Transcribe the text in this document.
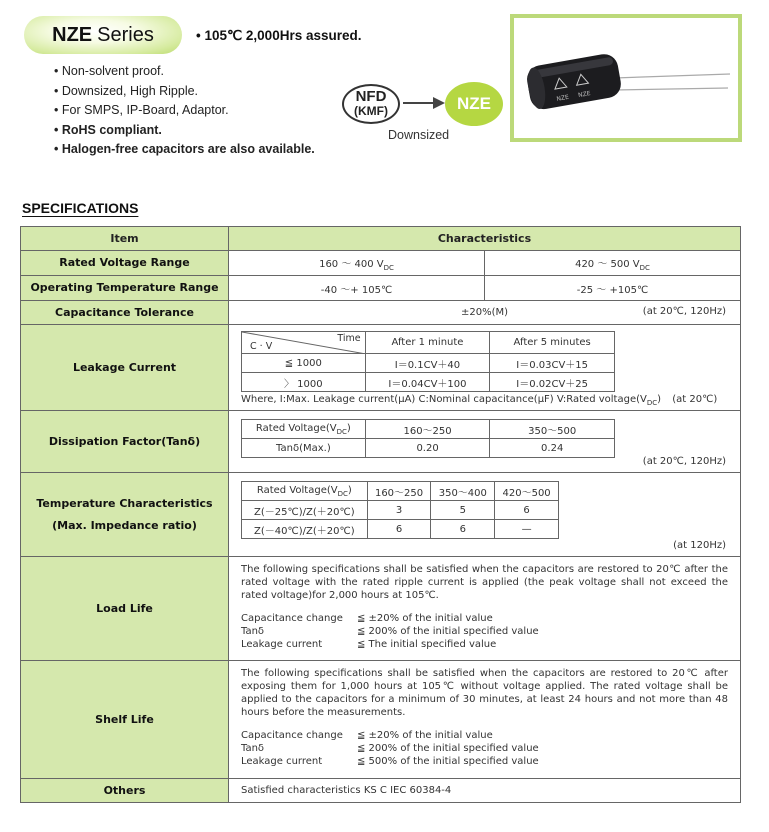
NZE Series	• 105℃ 2,000Hrs assured.
• Non-solvent proof.
• Downsized, High Ripple.
• For SMPS, IP-Board, Adaptor.
• RoHS compliant.
• Halogen-free capacitors are also available.
NFD
(KMF)	NZE
Downsized
NZE NZE
SPECIFICATIONS
Item	Characteristics
Rated Voltage Range		160 ～ 400 $V_{DC}$	420 ～ 500 $V_{DC}$

Operating Temperature Range		-40 ～+ 105℃	-25 ～ +105℃

Capacitance Tolerance	±20%(M)	(at 20℃, 120Hz)

Leakage Current	
Time
C · V	After 1 minute	After 5 minutes
≦ 1000	I＝0.1CV＋40	I＝0.03CV＋15
〉 1000	I＝0.04CV＋100	I＝0.02CV＋25
Where, I:Max. Leakage current(μA) C:Nominal capacitance(μF) V:Rated $voltage(V_{DC})$ (at 20℃)

Dissipation Factor(Tanδ)	
Rated $Voltage(V_{DC})$	160～250	350～500
Tanδ(Max.)	0.20	0.24
(at 20℃, 120Hz)

Temperature Characteristics
(Max. Impedance ratio)

Rated $Voltage(V_{DC})$	160～250	350～400	420～500
Z(－25℃)/Z(＋20℃)	3	5	6
Z(－40℃)/Z(＋20℃)	6	6	—
(at 120Hz)

Load Life	
The following specifications shall be satisfied when the capacitors are restored to 20℃ after the rated voltage with the rated ripple current is applied (the peak voltage shall not exceed the rated voltage)for 2,000 hours at 105℃.
Capacitance change	≦ ±20% of the initial value
Tanδ	≦ 200% of the initial specified value
Leakage current	≦ The initial specified value

Shelf Life	
The following specifications shall be satisfied when the capacitors are restored to 20℃ after exposing them for 1,000 hours at 105℃ without voltage applied. The rated voltage shall be applied to the capacitors for a minimum of 30 minutes, at least 24 hours and not more than 48 hours before the measurements.
Capacitance change	≦ ±20% of the initial value
Tanδ	≦ 200% of the initial specified value
Leakage current	≦ 500% of the initial specified value

Others	Satisfied characteristics KS C IEC 60384-4
